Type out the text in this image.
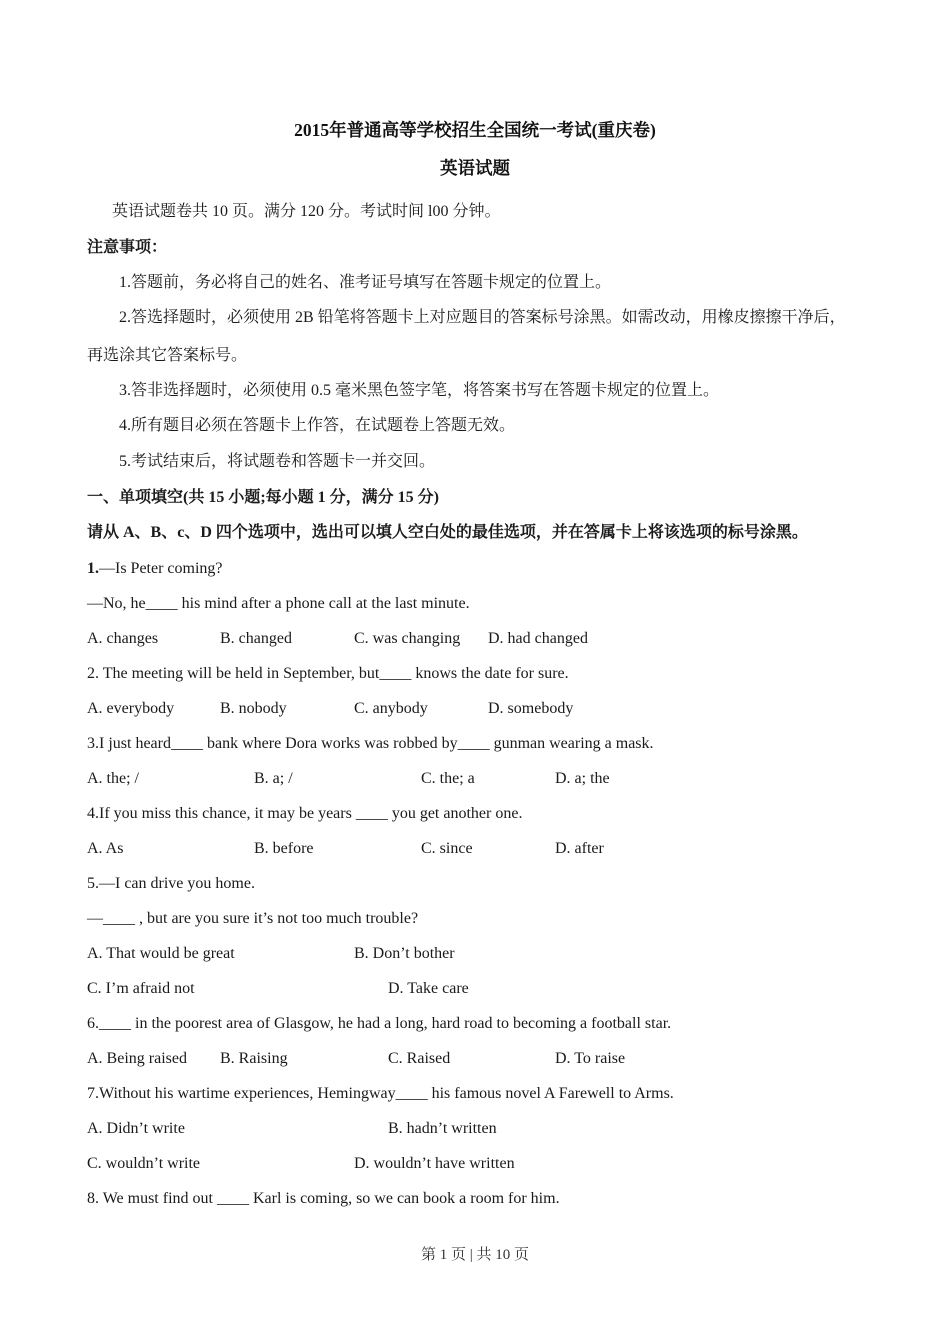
2015年普通高等学校招生全国统一考试(重庆卷)
英语试题
英语试题卷共 10 页。满分 120 分。考试时间 l00 分钟。
注意事项：
1.答题前，务必将自己的姓名、准考证号填写在答题卡规定的位置上。
2.答选择题时，必须使用 2B 铅笔将答题卡上对应题目的答案标号涂黑。如需改动，用橡皮擦擦干净后，
再选涂其它答案标号。
3.答非选择题时，必须使用 0.5 毫米黑色签字笔，将答案书写在答题卡规定的位置上。
4.所有题目必须在答题卡上作答，在试题卷上答题无效。
5.考试结束后，将试题卷和答题卡一并交回。
一、单项填空(共 15 小题;每小题 1 分，满分 15 分)
请从 A、B、c、D 四个选项中，选出可以填人空白处的最佳选项，并在答属卡上将该选项的标号涂黑。
1.—Is Peter coming?
—No, he____ his mind after a phone call at the last minute.
A. changes	B. changed	C. was changing D. had changed
2. The meeting will be held in September, but____ knows the date for sure.
A. everybody	B. nobody	C. anybody	D. somebody
3.I just heard____ bank where Dora works was robbed by____ gunman wearing a mask.
A. the; /	B. a; /	C. the; a	D. a; the
4.If you miss this chance, it may be years ____ you get another one.
A. As	B. before	C. since	D. after
5.—I can drive you home.
—____ , but are you sure it’s not too much trouble?
A. That would be great	B. Don’t bother
C. I’m afraid not	D. Take care
6.____ in the poorest area of Glasgow, he had a long, hard road to becoming a football star.
A. Being raised B. Raising	C. Raised	D. To raise
7.Without his wartime experiences, Hemingway____ his famous novel A Farewell to Arms.
A. Didn’t write	B. hadn’t written
C. wouldn’t write	D. wouldn’t have written
8. We must find out ____ Karl is coming, so we can book a room for him.
第 1 页 | 共 10 页
